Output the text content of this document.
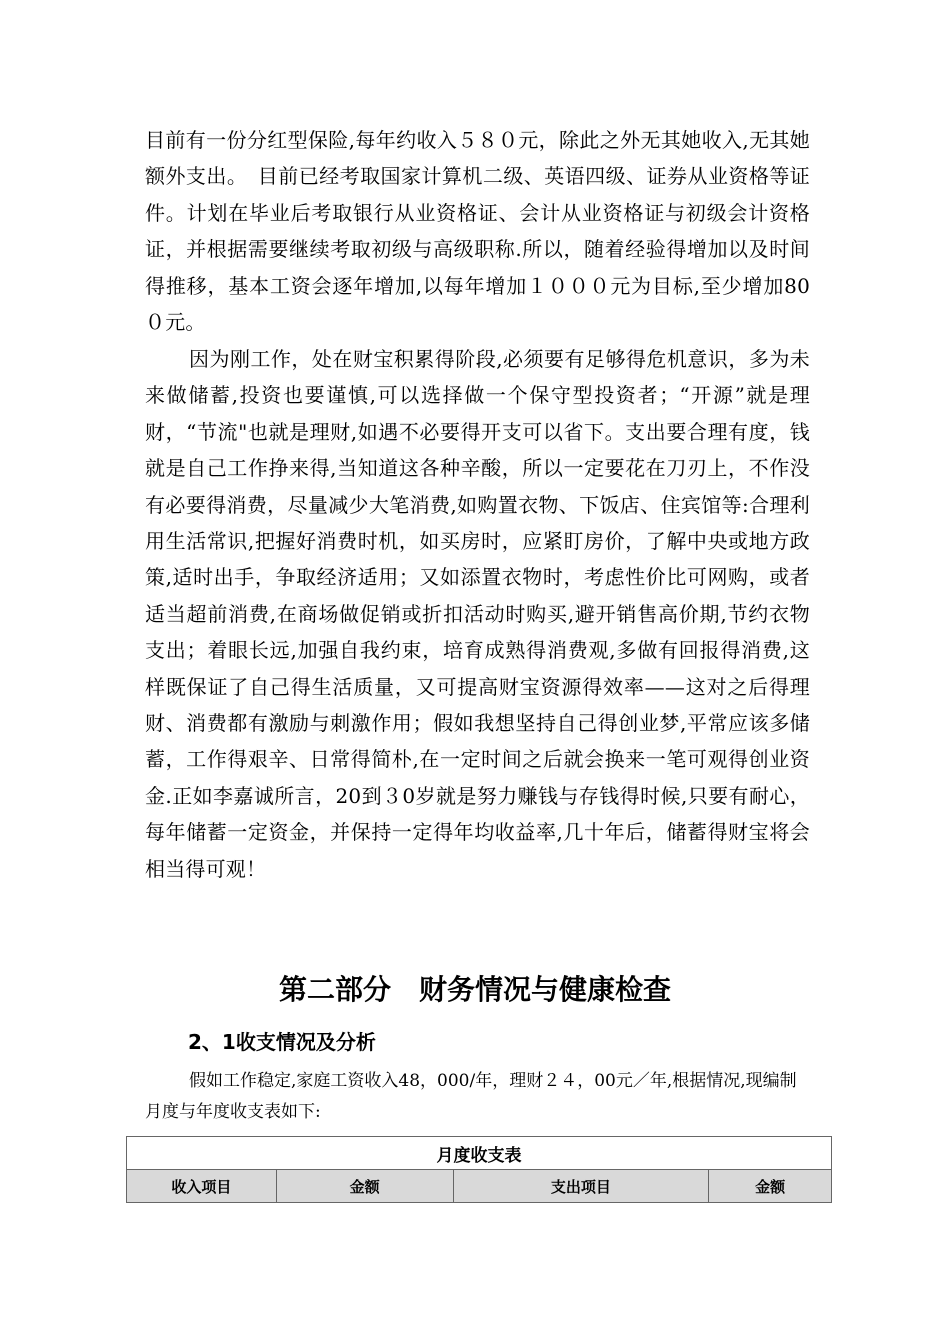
目前有一份分红型保险,每年约收入５８０元，除此之外无其她收入,无其她额外支出。　目前已经考取国家计算机二级、英语四级、证券从业资格等证件。计划在毕业后考取银行从业资格证、会计从业资格证与初级会计资格证，并根据需要继续考取初级与高级职称.所以，随着经验得增加以及时间得推移，基本工资会逐年增加,以每年增加１０００元为目标,至少增加80０元。

因为刚工作，处在财宝积累得阶段,必须要有足够得危机意识，多为未来做储蓄,投资也要谨慎,可以选择做一个保守型投资者；“开源”就是理财，“节流"也就是理财,如遇不必要得开支可以省下。支出要合理有度，钱就是自己工作挣来得,当知道这各种辛酸，所以一定要花在刀刃上，不作没有必要得消费，尽量减少大笔消费,如购置衣物、下饭店、住宾馆等:合理利用生活常识,把握好消费时机，如买房时，应紧盯房价，了解中央或地方政策,适时出手，争取经济适用；又如添置衣物时，考虑性价比可网购，或者适当超前消费,在商场做促销或折扣活动时购买,避开销售高价期,节约衣物支出；着眼长远,加强自我约束，培育成熟得消费观,多做有回报得消费,这样既保证了自己得生活质量，又可提高财宝资源得效率——这对之后得理财、消费都有激励与刺激作用；假如我想坚持自己得创业梦,平常应该多储蓄，工作得艰辛、日常得简朴,在一定时间之后就会换来一笔可观得创业资金.正如李嘉诚所言，20到３0岁就是努力赚钱与存钱得时候,只要有耐心，每年储蓄一定资金，并保持一定得年均收益率,几十年后，储蓄得财宝将会相当得可观！

第二部分　财务情况与健康检查
2、1收支情况及分析

假如工作稳定,家庭工资收入48，000/年，理财２４，00元／年,根据情况,现编制月度与年度收支表如下:

月度收支表
收入项目	金额	支出项目	金额
